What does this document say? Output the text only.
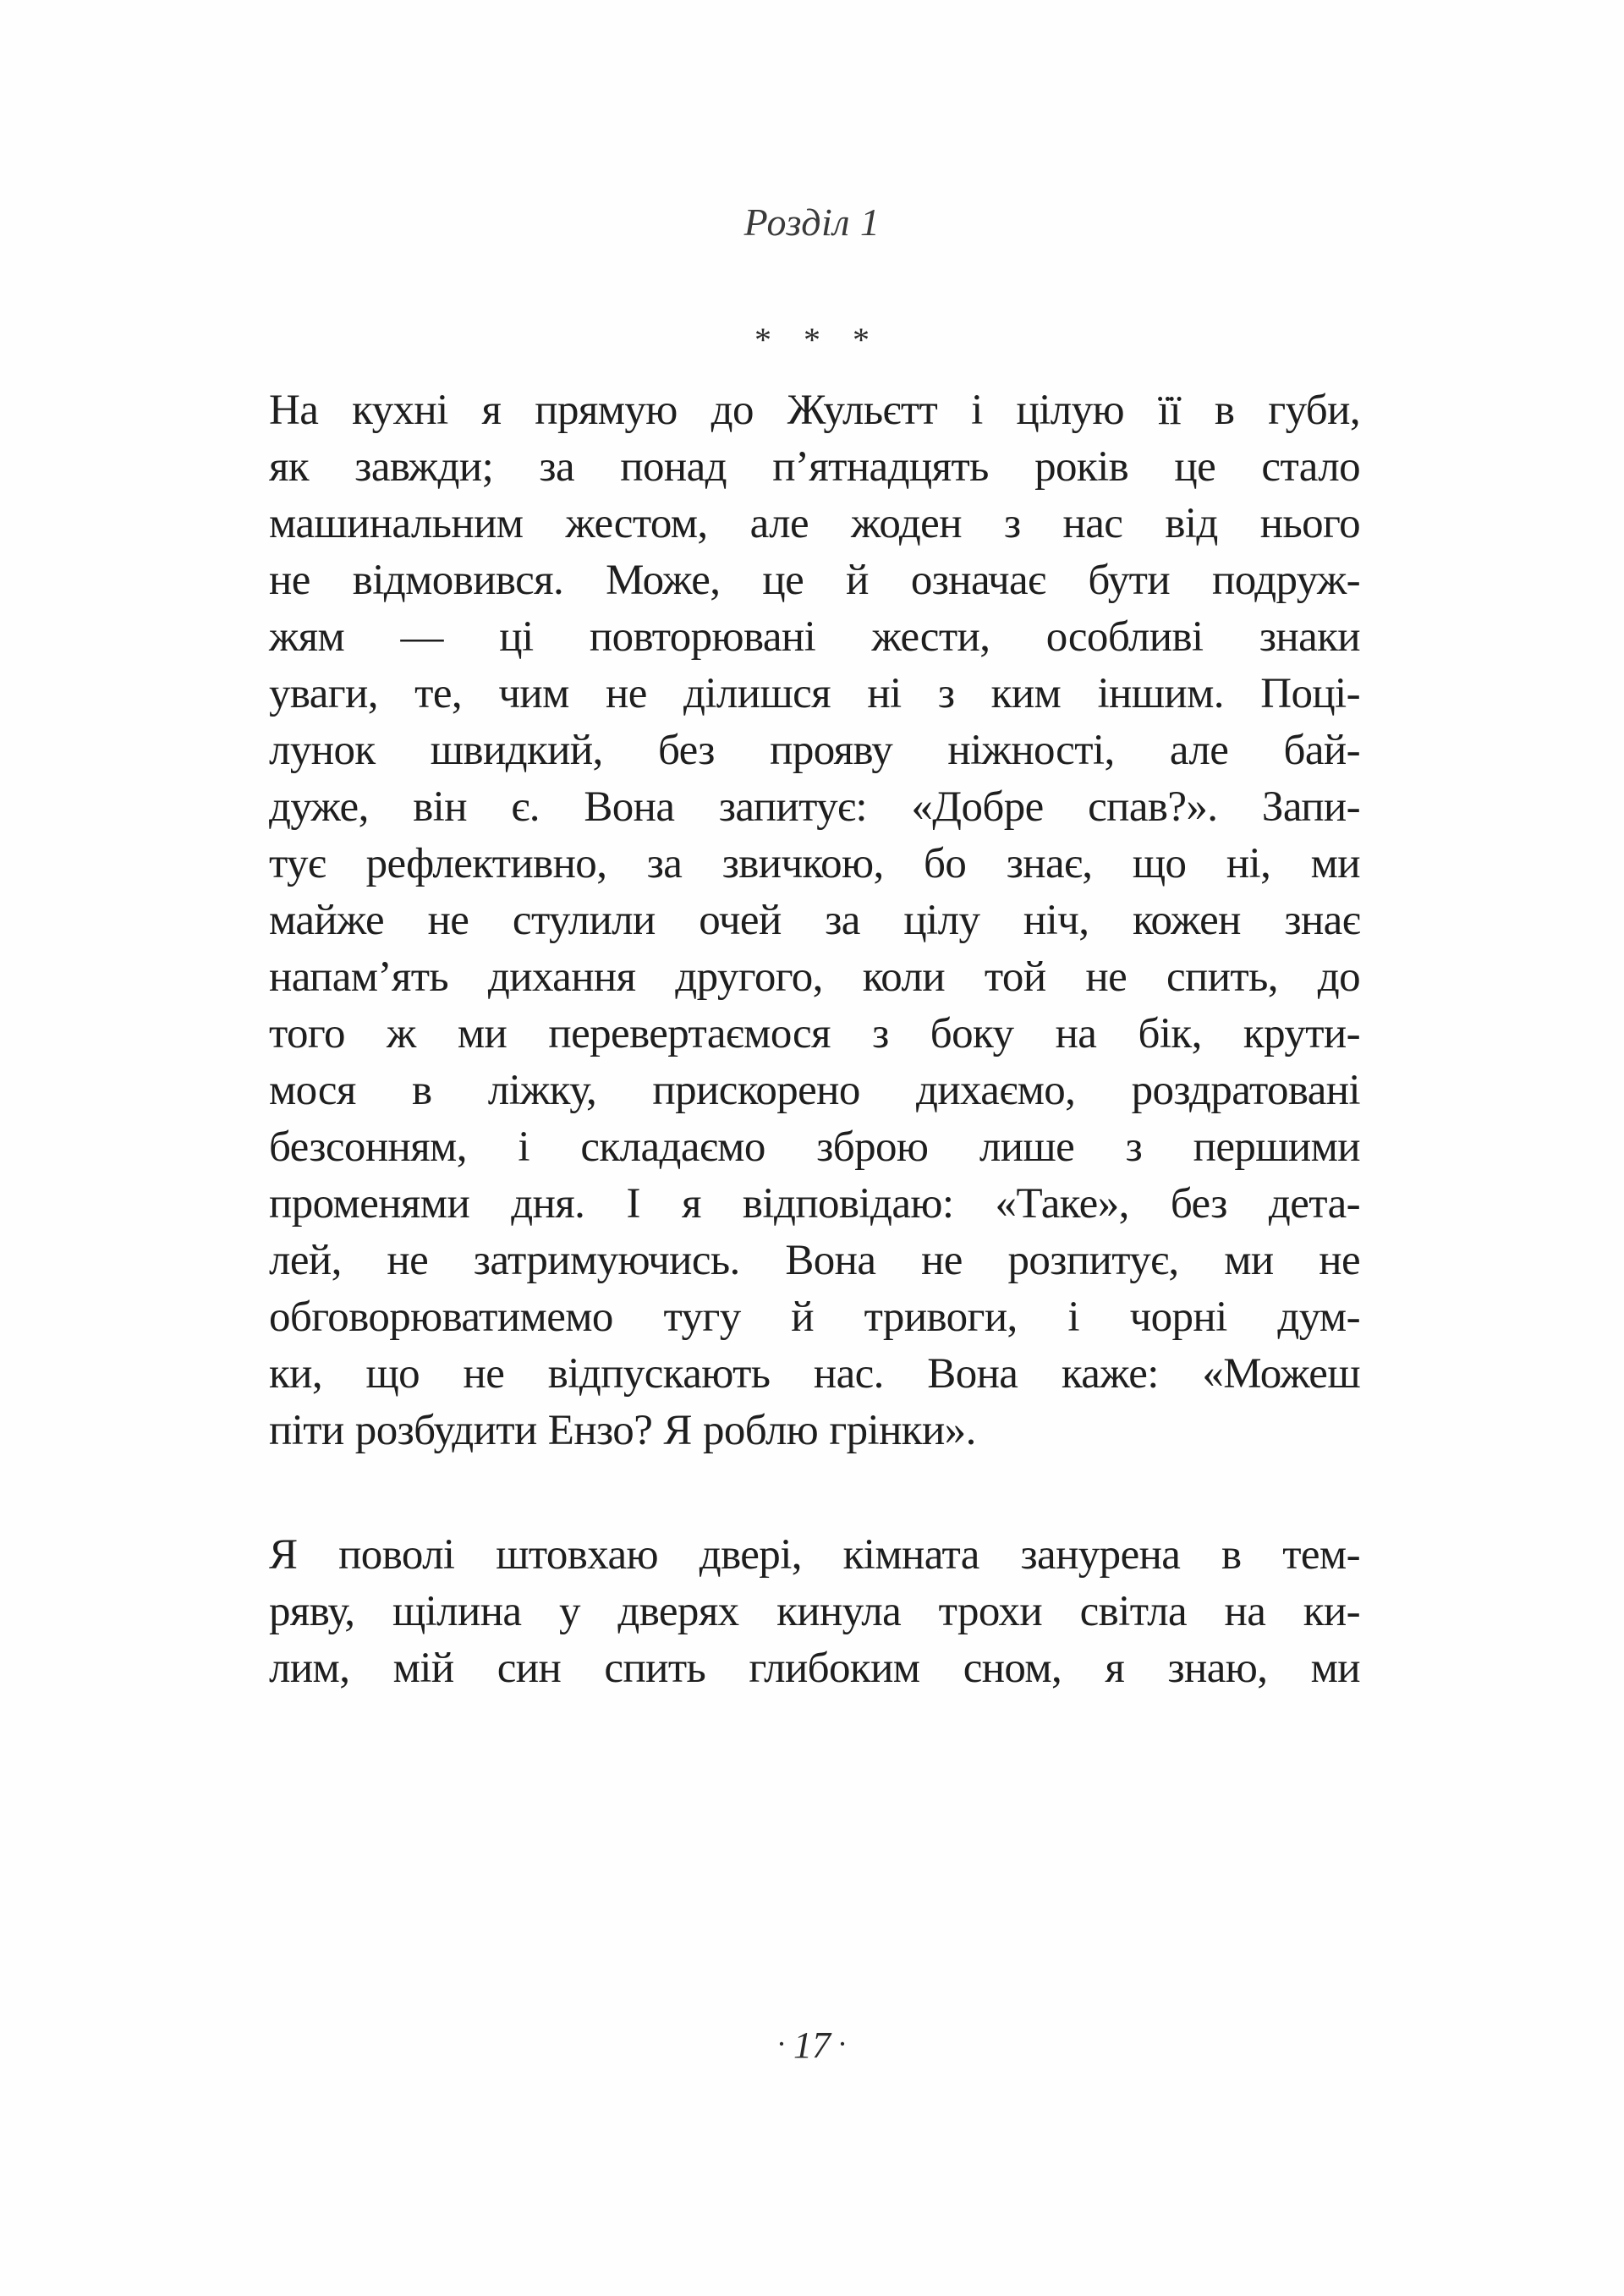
Розділ 1
* * *
На кухні я прямую до Жульєтт і цілую її в губи,
як завжди; за понад п’ятнадцять років це стало
машинальним жестом, але жоден з нас від нього
не відмовився. Може, це й означає бути подруж-
жям — ці повторювані жести, особливі знаки
уваги, те, чим не ділишся ні з ким іншим. Поці-
лунок швидкий, без прояву ніжності, але бай-
дуже, він є. Вона запитує: «Добре спав?». Запи-
тує рефлективно, за звичкою, бо знає, що ні, ми
майже не стулили очей за цілу ніч, кожен знає
напам’ять дихання другого, коли той не спить, до
того ж ми перевертаємося з боку на бік, крути-
мося в ліжку, прискорено дихаємо, роздратовані
безсонням, і складаємо зброю лише з першими
променями дня. І я відповідаю: «Таке», без дета-
лей, не затримуючись. Вона не розпитує, ми не
обговорюватимемо тугу й тривоги, і чорні дум-
ки, що не відпускають нас. Вона каже: «Можеш
піти розбудити Ензо? Я роблю грінки».
Я поволі штовхаю двері, кімната занурена в тем-
ряву, щілина у дверях кинула трохи світла на ки-
лим, мій син спить глибоким сном, я знаю, ми
· 17 ·
